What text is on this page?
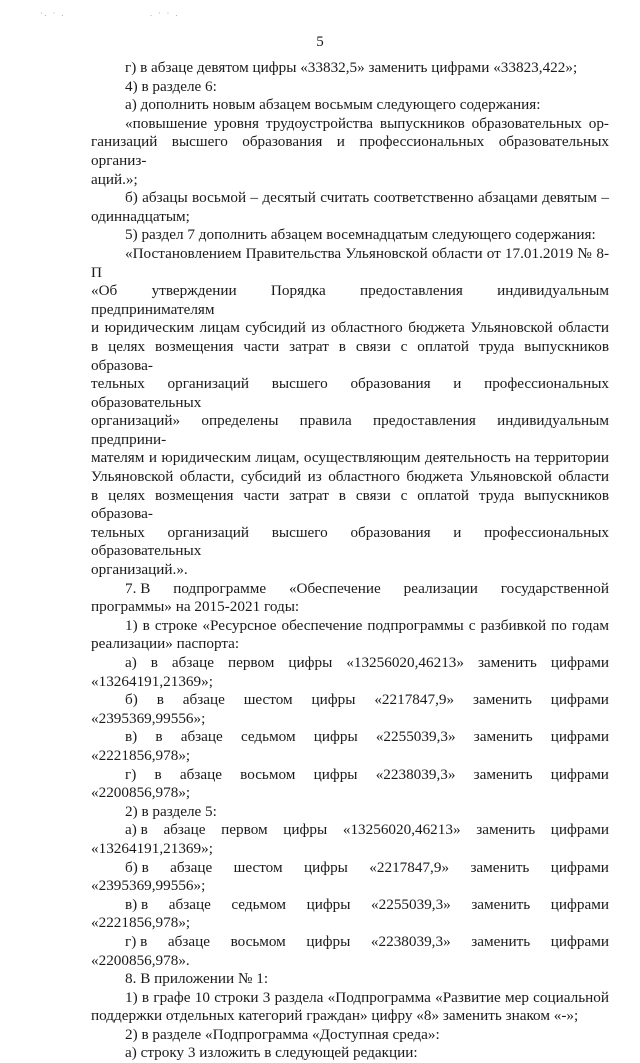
·. · .	. · · .
5

г) в абзаце девятом цифры «33832,5» заменить цифрами «33823,422»;

4) в разделе 6:

а) дополнить новым абзацем восьмым следующего содержания:

«повышение уровня трудоустройства выпускников образовательных ор-

ганизаций высшего образования и профессиональных образовательных организ-

аций.»;

б) абзацы восьмой – десятый считать соответственно абзацами девятым –

одиннадцатым;

5) раздел 7 дополнить абзацем восемнадцатым следующего содержания:

«Постановлением Правительства Ульяновской области от 17.01.2019 № 8-П

«Об утверждении Порядка предоставления индивидуальным предпринимателям

и юридическим лицам субсидий из областного бюджета Ульяновской области

в целях возмещения части затрат в связи с оплатой труда выпускников образова-

тельных организаций высшего образования и профессиональных образовательных

организаций» определены правила предоставления индивидуальным предприни-

мателям и юридическим лицам, осуществляющим деятельность на территории

Ульяновской области, субсидий из областного бюджета Ульяновской области

в целях возмещения части затрат в связи с оплатой труда выпускников образова-

тельных организаций высшего образования и профессиональных образовательных

организаций.».

7. В подпрограмме «Обеспечение реализации государственной

программы» на 2015-2021 годы:

1) в строке «Ресурсное обеспечение подпрограммы с разбивкой по годам

реализации» паспорта:

а) в абзаце первом цифры «13256020,46213» заменить цифрами

«13264191,21369»;

б) в абзаце шестом цифры «2217847,9» заменить цифрами

«2395369,99556»;

в) в абзаце седьмом цифры «2255039,3» заменить цифрами

«2221856,978»;

г) в абзаце восьмом цифры «2238039,3» заменить цифрами

«2200856,978»;

2) в разделе 5:

а) в абзаце первом цифры «13256020,46213» заменить цифрами

«13264191,21369»;

б) в абзаце шестом цифры «2217847,9» заменить цифрами

«2395369,99556»;

в) в абзаце седьмом цифры «2255039,3» заменить цифрами

«2221856,978»;

г) в абзаце восьмом цифры «2238039,3» заменить цифрами

«2200856,978».

8. В приложении № 1:

1) в графе 10 строки 3 раздела «Подпрограмма «Развитие мер социальной

поддержки отдельных категорий граждан» цифру «8» заменить знаком «-»;

2) в разделе «Подпрограмма «Доступная среда»:

а) строку 3 изложить в следующей редакции:
